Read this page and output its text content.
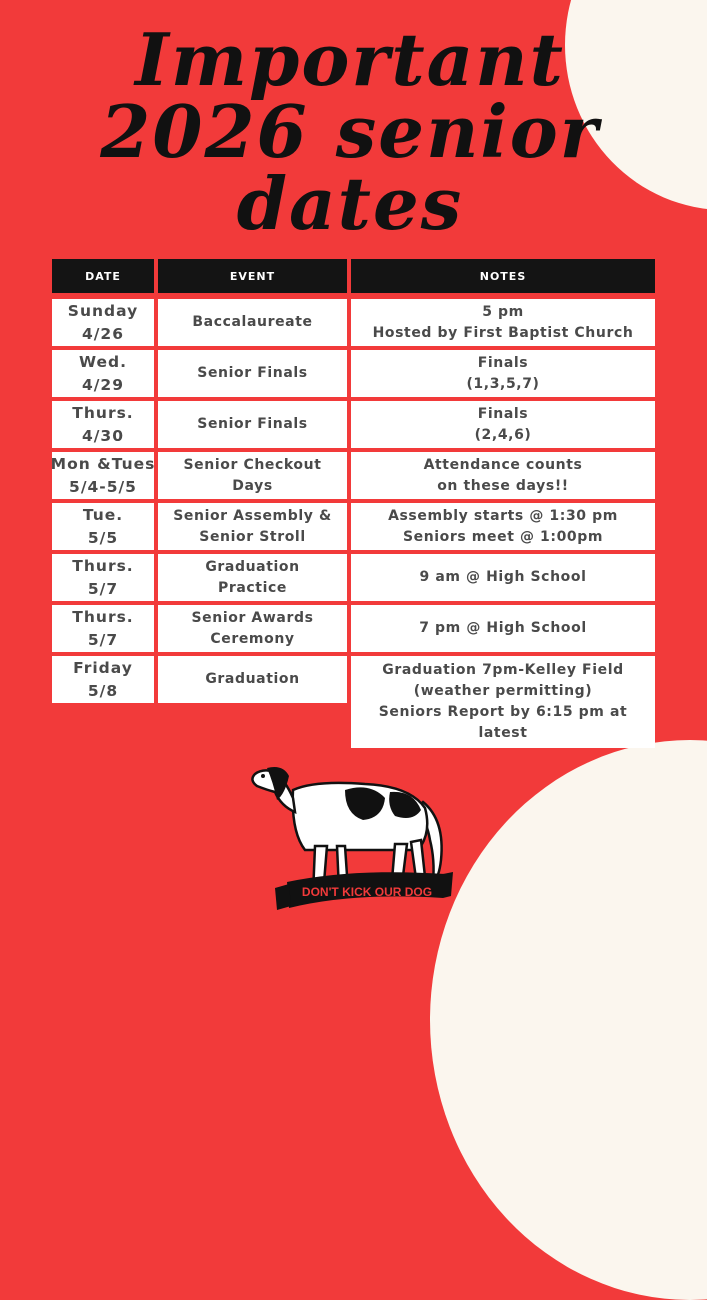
Important
2026 senior
dates
DATE	EVENT	NOTES
Sunday
4/26
Baccalaureate
5 pm
Hosted by First Baptist Church
Wed.
4/29
Senior Finals
Finals
(1,3,5,7)
Thurs.
4/30
Senior Finals
Finals
(2,4,6)
Mon &Tues
5/4-5/5
Senior Checkout
Days
Attendance counts
on these days!!
Tue.
5/5
Senior Assembly &
Senior Stroll
Assembly starts @ 1:30 pm
Seniors meet @ 1:00pm
Thurs.
5/7
Graduation
Practice
9 am @ High School
Thurs.
5/7
Senior Awards
Ceremony
7 pm @ High School
Friday
5/8
Graduation
Graduation 7pm-Kelley Field
(weather permitting)
Seniors Report by 6:15 pm at
latest
DON'T KICK OUR DOG
